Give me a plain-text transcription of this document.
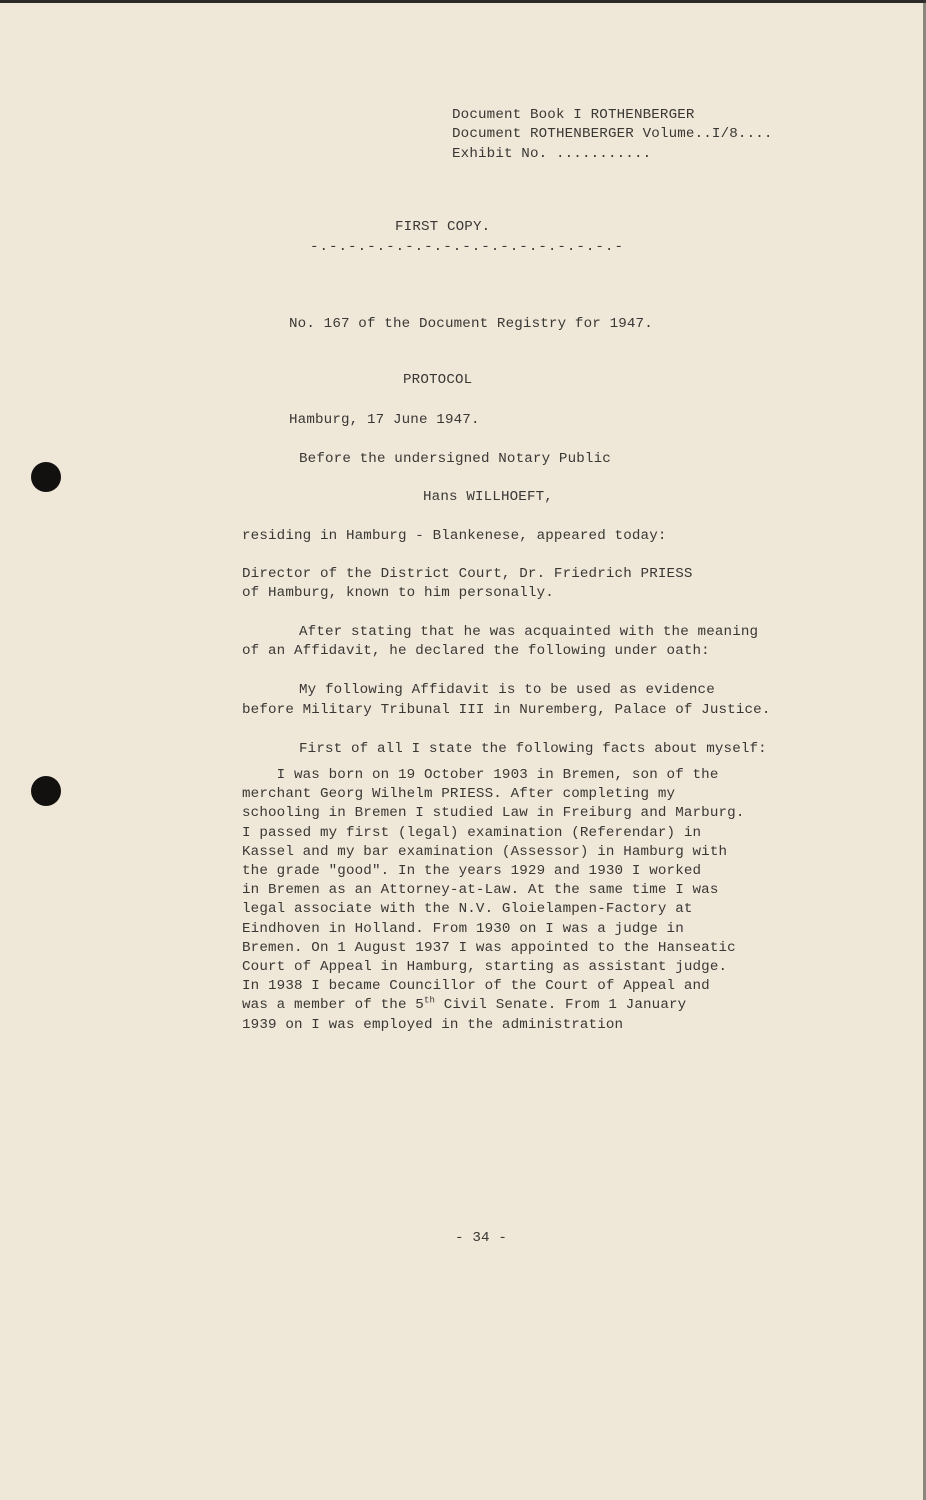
Document Book I ROTHENBERGER
Document ROTHENBERGER Volume..I/8....
Exhibit No. ...........
FIRST COPY.
-.-.-.-.-.-.-.-.-.-.-.-.-.-.-.-.-
No. 167 of the Document Registry for 1947.
PROTOCOL
Hamburg, 17 June 1947.
Before the undersigned Notary Public
Hans WILLHOEFT,
residing in Hamburg - Blankenese, appeared today:
Director of the District Court, Dr. Friedrich PRIESS
of Hamburg, known to him personally.
After stating that he was acquainted with the meaning
of an Affidavit, he declared the following under oath:
My following Affidavit is to be used as evidence
before Military Tribunal III in Nuremberg, Palace of Justice.
First of all I state the following facts about myself:
I was born on 19 October 1903 in Bremen, son of the
merchant Georg Wilhelm PRIESS. After completing my
schooling in Bremen I studied Law in Freiburg and Marburg.
I passed my first (legal) examination (Referendar) in
Kassel and my bar examination (Assessor) in Hamburg with
the grade "good". In the years 1929 and 1930 I worked
in Bremen as an Attorney-at-Law. At the same time I was
legal associate with the N.V. Gloielampen-Factory at
Eindhoven in Holland. From 1930 on I was a judge in
Bremen. On 1 August 1937 I was appointed to the Hanseatic
Court of Appeal in Hamburg, starting as assistant judge.
In 1938 I became Councillor of the Court of Appeal and
was a member of the 5th Civil Senate. From 1 January
1939 on I was employed in the administration
- 34 -
